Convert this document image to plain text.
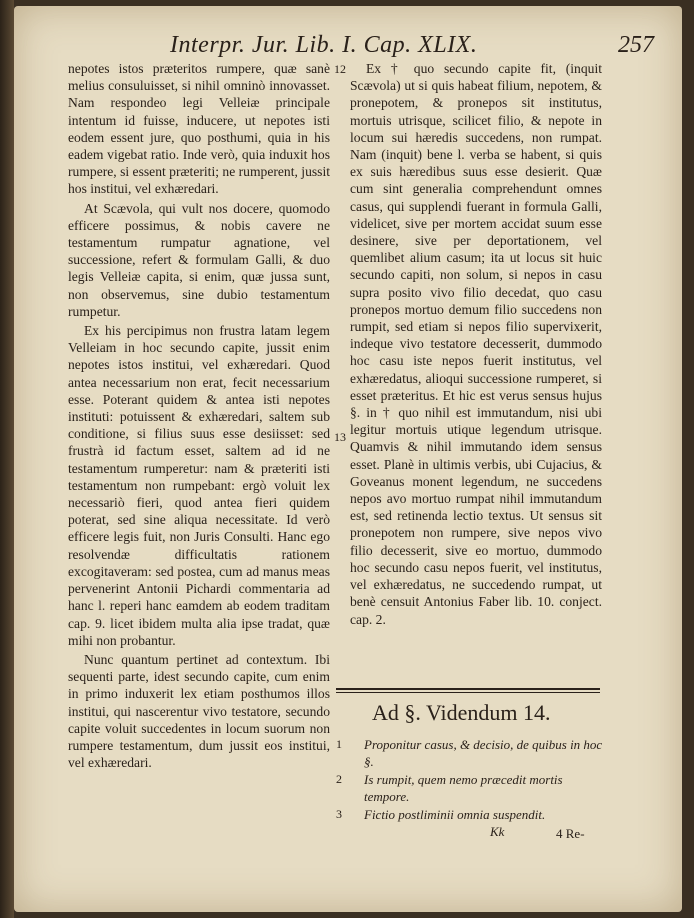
Interpr. Jur. Lib. I. Cap. XLIX.	257

nepotes istos præteritos rumpere, quæ sanè melius consuluisset, si nihil omninò innovasset. Nam respondeo legi Velleiæ principale intentum id fuisse, inducere, ut nepotes isti eodem essent jure, quo posthumi, quia in his eadem vigebat ratio. Inde verò, quia induxit hos rumpere, si essent præteriti; ne rumperent, jussit hos institui, vel exhæredari.

At Scævola, qui vult nos docere, quomodo efficere possimus, & nobis cavere ne testamentum rumpatur agnatione, vel successione, refert & formulam Galli, & duo legis Velleiæ capita, si enim, quæ jussa sunt, non observemus, sine dubio testamentum rumpetur.

Ex his percipimus non frustra latam legem Velleiam in hoc secundo capite, jussit enim nepotes istos institui, vel exhæredari. Quod antea necessarium non erat, fecit necessarium esse. Poterant quidem & antea isti nepotes instituti: potuissent & exhæredari, saltem sub conditione, si filius suus esse desiisset: sed frustrà id factum esset, saltem ad id ne testamentum rumperetur: nam & præteriti isti testamentum non rumpebant: ergò voluit lex necessariò fieri, quod antea fieri quidem poterat, sed sine aliqua necessitate. Id verò efficere legis fuit, non Juris Consulti. Hanc ego resolvendæ difficultatis rationem excogitaveram: sed postea, cum ad manus meas pervenerint Antonii Pichardi commentaria ad hanc l. reperi hanc eamdem ab eodem traditam cap. 9. licet ibidem multa alia ipse tradat, quæ mihi non probantur.

Nunc quantum pertinet ad contextum. Ibi sequenti parte, idest secundo capite, cum enim in primo induxerit lex etiam posthumos illos institui, qui nascerentur vivo testatore, secundo capite voluit succedentes in locum suorum non rumpere testamentum, dum jussit eos institui, vel exhæredari.

12
13

Ex † quo secundo capite fit, (inquit Scævola) ut si quis habeat filium, nepotem, & pronepotem, & pronepos sit institutus, mortuis utrisque, scilicet filio, & nepote in locum sui hæredis succedens, non rumpat. Nam (inquit) bene l. verba se habent, si quis ex suis hæredibus suus esse desierit. Quæ cum sint generalia comprehendunt omnes casus, qui supplendi fuerant in formula Galli, videlicet, sive per mortem accidat suum esse desinere, sive per deportationem, vel quemlibet alium casum; ita ut locus sit huic secundo capiti, non solum, si nepos in casu supra posito vivo filio decedat, quo casu pronepos mortuo demum filio succedens non rumpit, sed etiam si nepos filio supervixerit, indeque vivo testatore decesserit, dummodo hoc casu iste nepos fuerit institutus, vel exhæredatus, alioqui successione rumperet, si esset præteritus. Et hic est verus sensus hujus §. in † quo nihil est immutandum, nisi ubi legitur mortuis utique legendum utrisque. Quamvis & nihil immutando idem sensus esset. Planè in ultimis verbis, ubi Cujacius, & Goveanus monent legendum, ne succedens nepos avo mortuo rumpat nihil immutandum est, sed retinenda lectio textus. Ut sensus sit pronepotem non rumpere, sive nepos vivo filio decesserit, sive eo mortuo, dummodo hoc secundo casu nepos fuerit, vel institutus, vel exhæredatus, ne succedendo rumpat, ut benè censuit Antonius Faber lib. 10. conject. cap. 2.

Ad §. Videndum 14.
1 Proponitur casus, & decisio, de quibus in hoc §.
2 Is rumpit, quem nemo præcedit mortis tempore.
3 Fictio postliminii omnia suspendit.
Kk	4 Re-
